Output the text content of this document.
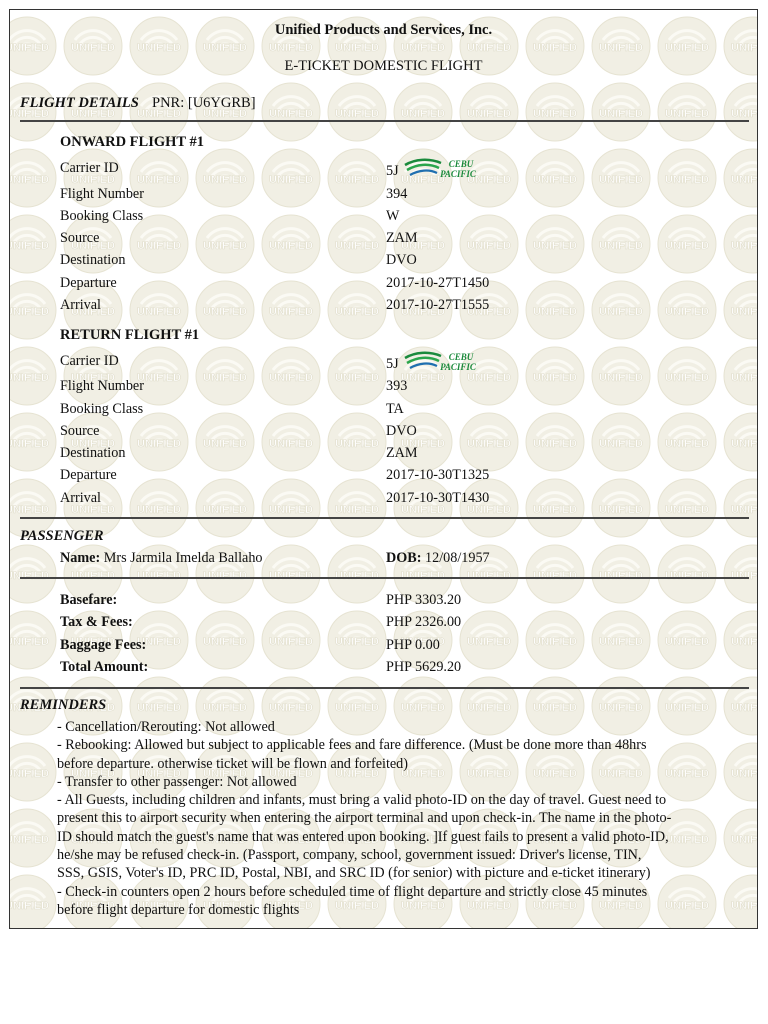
Unified Products and Services, Inc.
E-TICKET DOMESTIC FLIGHT
FLIGHT DETAILS PNR: [U6YGRB]
ONWARD FLIGHT #1
Carrier ID	5J	CEBU
PACIFIC
Flight Number	394
Booking Class	W
Source	ZAM
Destination	DVO
Departure	2017-10-27T1450
Arrival	2017-10-27T1555
RETURN FLIGHT #1
Carrier ID	5J	CEBU
PACIFIC
Flight Number	393
Booking Class	TA
Source	DVO
Destination	ZAM
Departure	2017-10-30T1325
Arrival	2017-10-30T1430
PASSENGER
Name: Mrs Jarmila Imelda Ballaho	DOB: 12/08/1957
Basefare:	PHP 3303.20
Tax & Fees:	PHP 2326.00
Baggage Fees:	PHP 0.00
Total Amount:	PHP 5629.20
REMINDERS
- Cancellation/Rerouting: Not allowed
- Rebooking: Allowed but subject to applicable fees and fare difference. (Must be done more than 48hrs
before departure. otherwise ticket will be flown and forfeited)
- Transfer to other passenger: Not allowed
- All Guests, including children and infants, must bring a valid photo-ID on the day of travel. Guest need to
present this to airport security when entering the airport terminal and upon check-in. The name in the photo-
ID should match the guest's name that was entered upon booking. ]If guest fails to present a valid photo-ID,
he/she may be refused check-in. (Passport, company, school, government issued: Driver's license, TIN,
SSS, GSIS, Voter's ID, PRC ID, Postal, NBI, and SRC ID (for senior) with picture and e-ticket itinerary)
- Check-in counters open 2 hours before scheduled time of flight departure and strictly close 45 minutes
before flight departure for domestic flights
